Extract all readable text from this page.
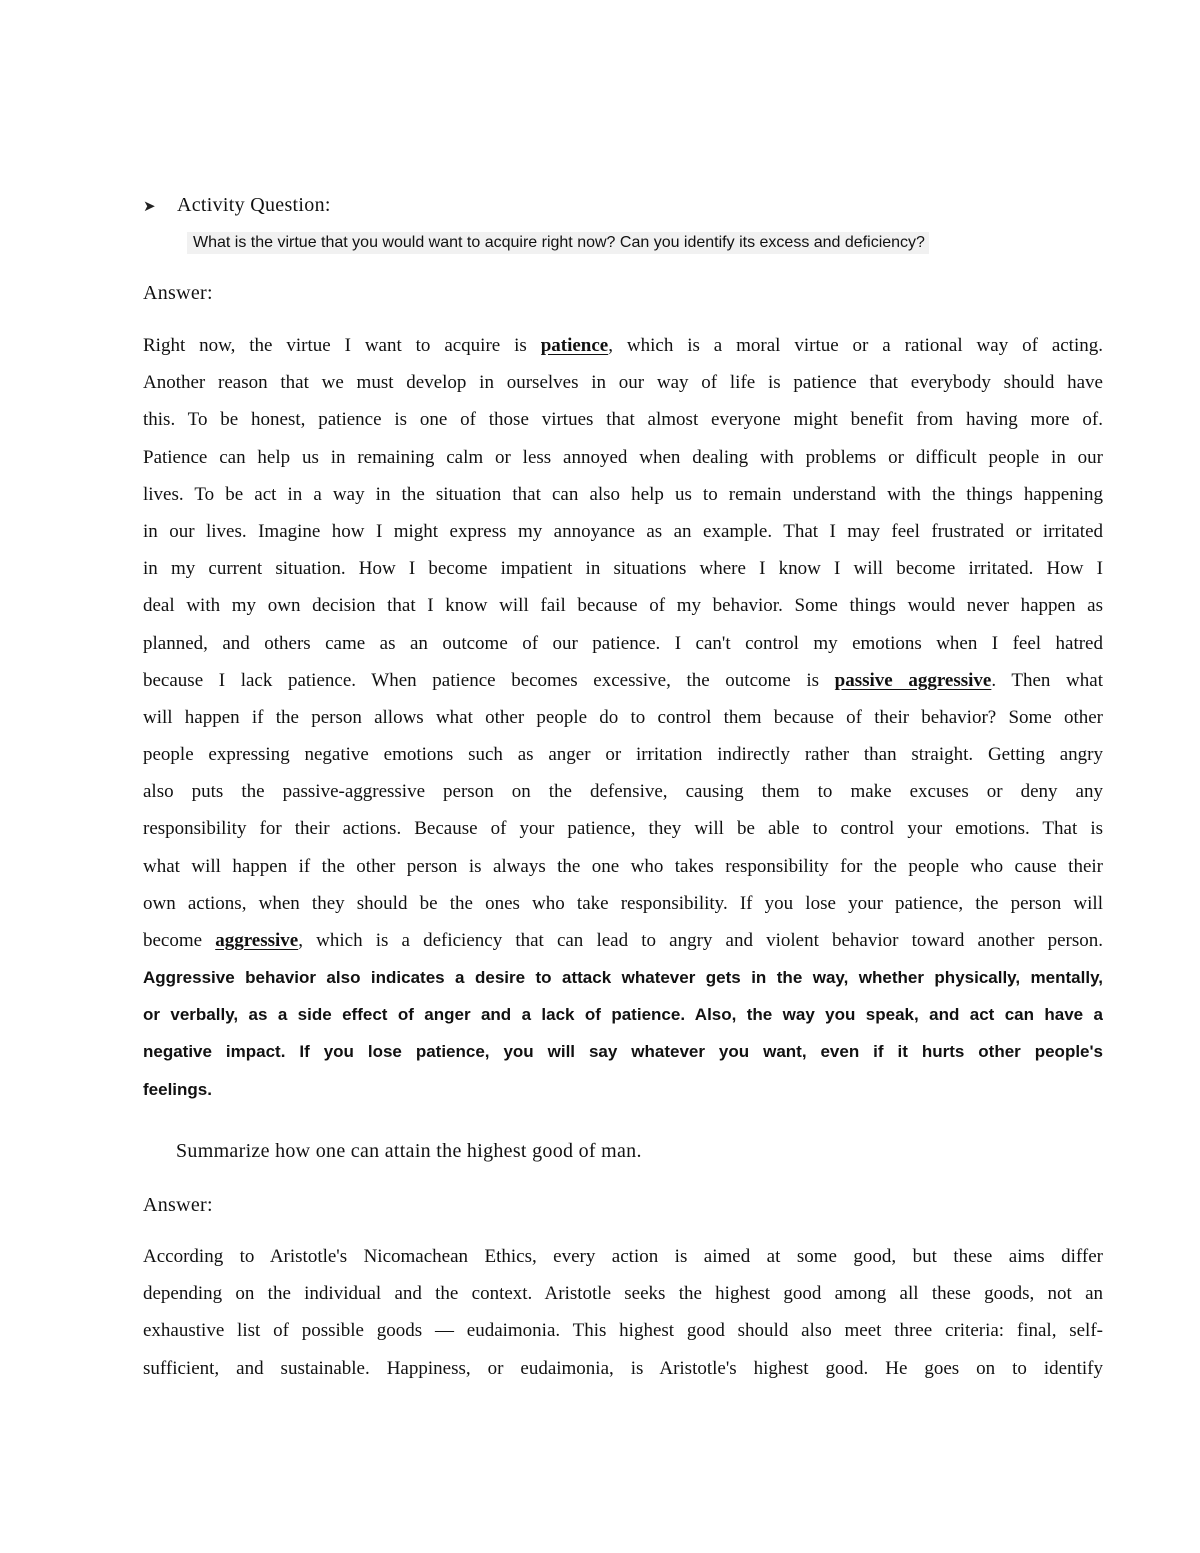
➤ Activity Question:
What is the virtue that you would want to acquire right now? Can you identify its excess and deficiency?
Answer:
Right now, the virtue I want to acquire is patience, which is a moral virtue or a rational way of acting.
Another reason that we must develop in ourselves in our way of life is patience that everybody should have
this. To be honest, patience is one of those virtues that almost everyone might benefit from having more of.
Patience can help us in remaining calm or less annoyed when dealing with problems or difficult people in our
lives. To be act in a way in the situation that can also help us to remain understand with the things happening
in our lives. Imagine how I might express my annoyance as an example. That I may feel frustrated or irritated
in my current situation. How I become impatient in situations where I know I will become irritated. How I
deal with my own decision that I know will fail because of my behavior. Some things would never happen as
planned, and others came as an outcome of our patience. I can't control my emotions when I feel hatred
because I lack patience. When patience becomes excessive, the outcome is passive aggressive. Then what
will happen if the person allows what other people do to control them because of their behavior? Some other
people expressing negative emotions such as anger or irritation indirectly rather than straight. Getting angry
also puts the passive-aggressive person on the defensive, causing them to make excuses or deny any
responsibility for their actions. Because of your patience, they will be able to control your emotions. That is
what will happen if the other person is always the one who takes responsibility for the people who cause their
own actions, when they should be the ones who take responsibility. If you lose your patience, the person will
become aggressive, which is a deficiency that can lead to angry and violent behavior toward another person.
Aggressive behavior also indicates a desire to attack whatever gets in the way, whether physically, mentally,
or verbally, as a side effect of anger and a lack of patience. Also, the way you speak, and act can have a
negative impact. If you lose patience, you will say whatever you want, even if it hurts other people's
feelings.
Summarize how one can attain the highest good of man.
Answer:
According to Aristotle's Nicomachean Ethics, every action is aimed at some good, but these aims differ
depending on the individual and the context. Aristotle seeks the highest good among all these goods, not an
exhaustive list of possible goods — eudaimonia. This highest good should also meet three criteria: final, self-
sufficient, and sustainable. Happiness, or eudaimonia, is Aristotle's highest good. He goes on to identify
